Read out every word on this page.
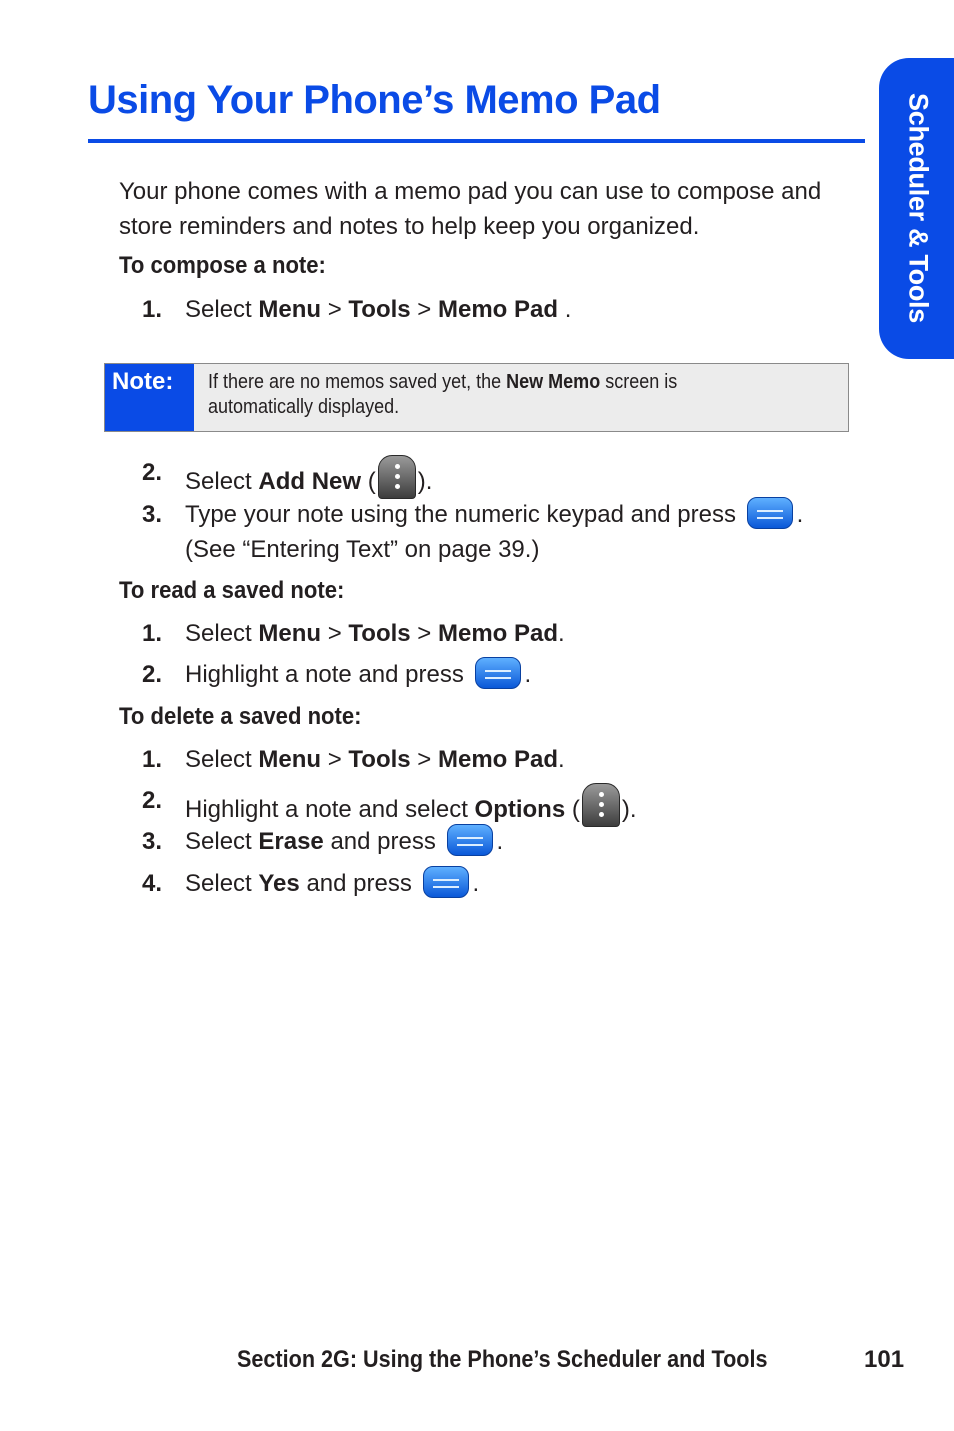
Using Your Phone’s Memo Pad	Scheduler & Tools

Your phone comes with a memo pad you can use to compose and store reminders and notes to help keep you organized.

To compose a note:
1. Select Menu > Tools > Memo Pad .
Note:	If there are no memos saved yet, the New Memo screen is automatically displayed.
2. Select Add New ( ).
3. Type your note using the numeric keypad and press	. (See “Entering Text” on page 39.)
To read a saved note:
1. Select Menu > Tools > Memo Pad.
2. Highlight a note and press	.
To delete a saved note:
1. Select Menu > Tools > Memo Pad.
2. Highlight a note and select Options ( ).
3. Select Erase and press	.
4. Select Yes and press	.
Section 2G: Using the Phone’s Scheduler and Tools	101
